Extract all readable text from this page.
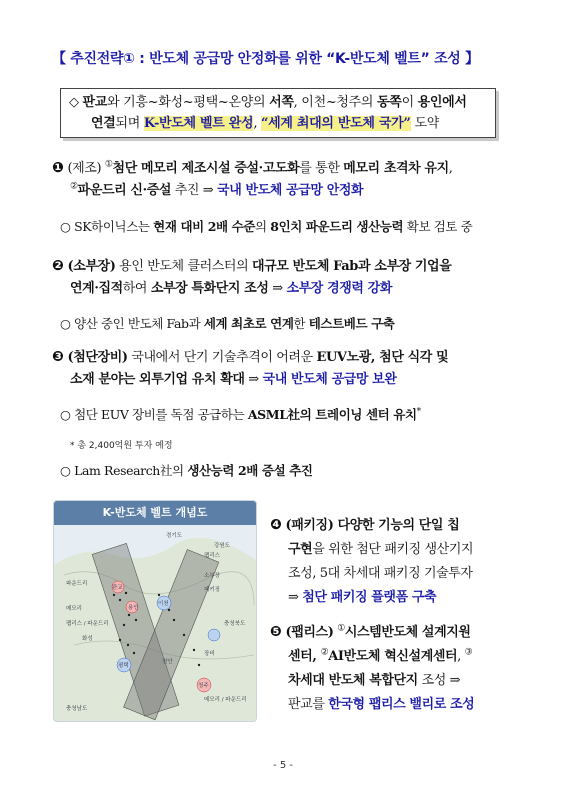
【 추진전략① : 반도체 공급망 안정화를 위한 “K-반도체 벨트” 조성 】
◇ 판교와 기흥~화성~평택~온양의 서쪽, 이천~청주의 동쪽이 용인에서
연결되며 K-반도체 벨트 완성, “세계 최대의 반도체 국가” 도약
❶ (제조) ①첨단 메모리 제조시설 증설·고도화를 통한 메모리 초격차 유지,
②파운드리 신·증설 추진 ⇒ 국내 반도체 공급망 안정화
○ SK하이닉스는 현재 대비 2배 수준의 8인치 파운드리 생산능력 확보 검토 중
❷ (소부장) 용인 반도체 클러스터의 대규모 반도체 Fab과 소부장 기업을
연계·집적하여 소부장 특화단지 조성 ⇒ 소부장 경쟁력 강화
○ 양산 중인 반도체 Fab과 세계 최초로 연계한 테스트베드 구축
❸ (첨단장비) 국내에서 단기 기술추격이 어려운 EUV노광, 첨단 식각 및
소재 분야는 외투기업 유치 확대 ⇒ 국내 반도체 공급망 보완
○ 첨단 EUV 장비를 독점 공급하는 ASML社의 트레이닝 센터 유치*
* 총 2,400억원 투자 예정
○ Lam Research社의 생산능력 2배 증설 추진
K-반도체 벨트 개념도
경기도
강원도
팹리스
소부장
패키징
파운드리
메모리
이천
용인
평택
천안
청주
충청북도
충청남도
팹리스 / 파운드리
메모리 / 파운드리
장비
판교
화성
❹ (패키징) 다양한 기능의 단일 칩
구현을 위한 첨단 패키징 생산기지
조성, 5대 차세대 패키징 기술투자
⇒ 첨단 패키징 플랫폼 구축
❺ (팹리스) ①시스템반도체 설계지원
센터, ②AI반도체 혁신설계센터, ③
차세대 반도체 복합단지 조성 ⇒
판교를 한국형 팹리스 밸리로 조성
- 5 -
